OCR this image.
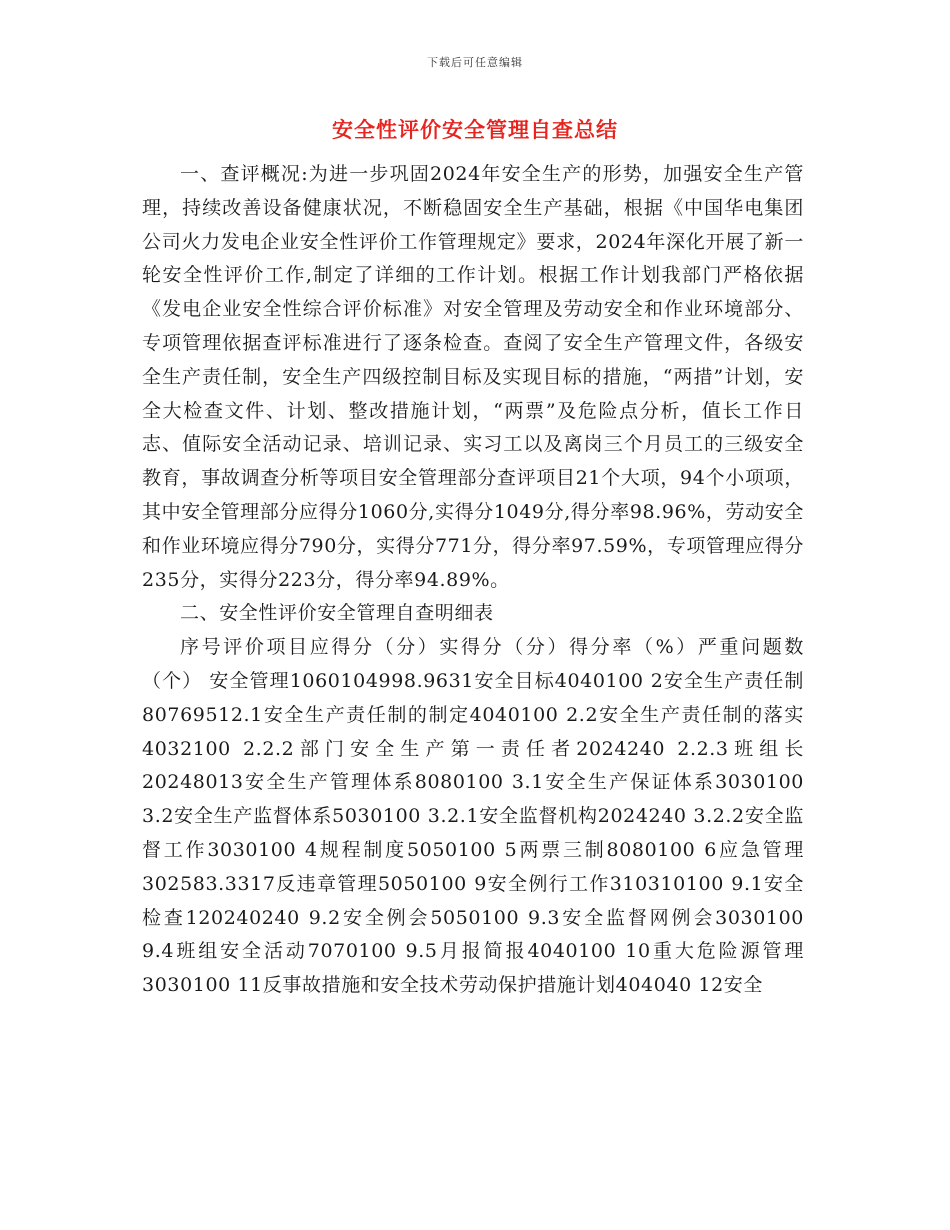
下载后可任意编辑
安全性评价安全管理自查总结

一、查评概况:为进一步巩固2024年安全生产的形势，加强安全生产管理，持续改善设备健康状况，不断稳固安全生产基础，根据《中国华电集团公司火力发电企业安全性评价工作管理规定》要求，2024年深化开展了新一轮安全性评价工作,制定了详细的工作计划。根据工作计划我部门严格依据《发电企业安全性综合评价标准》对安全管理及劳动安全和作业环境部分、专项管理依据查评标准进行了逐条检查。查阅了安全生产管理文件，各级安全生产责任制，安全生产四级控制目标及实现目标的措施，“两措”计划，安全大检查文件、计划、整改措施计划，“两票”及危险点分析，值长工作日志、值际安全活动记录、培训记录、实习工以及离岗三个月员工的三级安全教育，事故调查分析等项目安全管理部分查评项目21个大项，94个小项项，其中安全管理部分应得分1060分,实得分1049分,得分率98.96%，劳动安全和作业环境应得分790分，实得分771分，得分率97.59%，专项管理应得分235分，实得分223分，得分率94.89%。

二、安全性评价安全管理自查明细表

序号评价项目应得分（分）实得分（分）得分率（%）严重问题数（个） 安全管理1060104998.9631安全目标4040100 2安全生产责任制80769512.1安全生产责任制的制定4040100 2.2安全生产责任制的落实4032100 2.2.2部门安全生产第一责任者2024240 2.2.3班组长20248013安全生产管理体系8080100 3.1安全生产保证体系3030100 3.2安全生产监督体系5030100 3.2.1安全监督机构2024240 3.2.2安全监督工作3030100 4规程制度5050100 5两票三制8080100 6应急管理302583.3317反违章管理5050100 9安全例行工作310310100 9.1安全检查120240240 9.2安全例会5050100 9.3安全监督网例会3030100 9.4班组安全活动7070100 9.5月报简报4040100 10重大危险源管理3030100 11反事故措施和安全技术劳动保护措施计划404040 12安全
